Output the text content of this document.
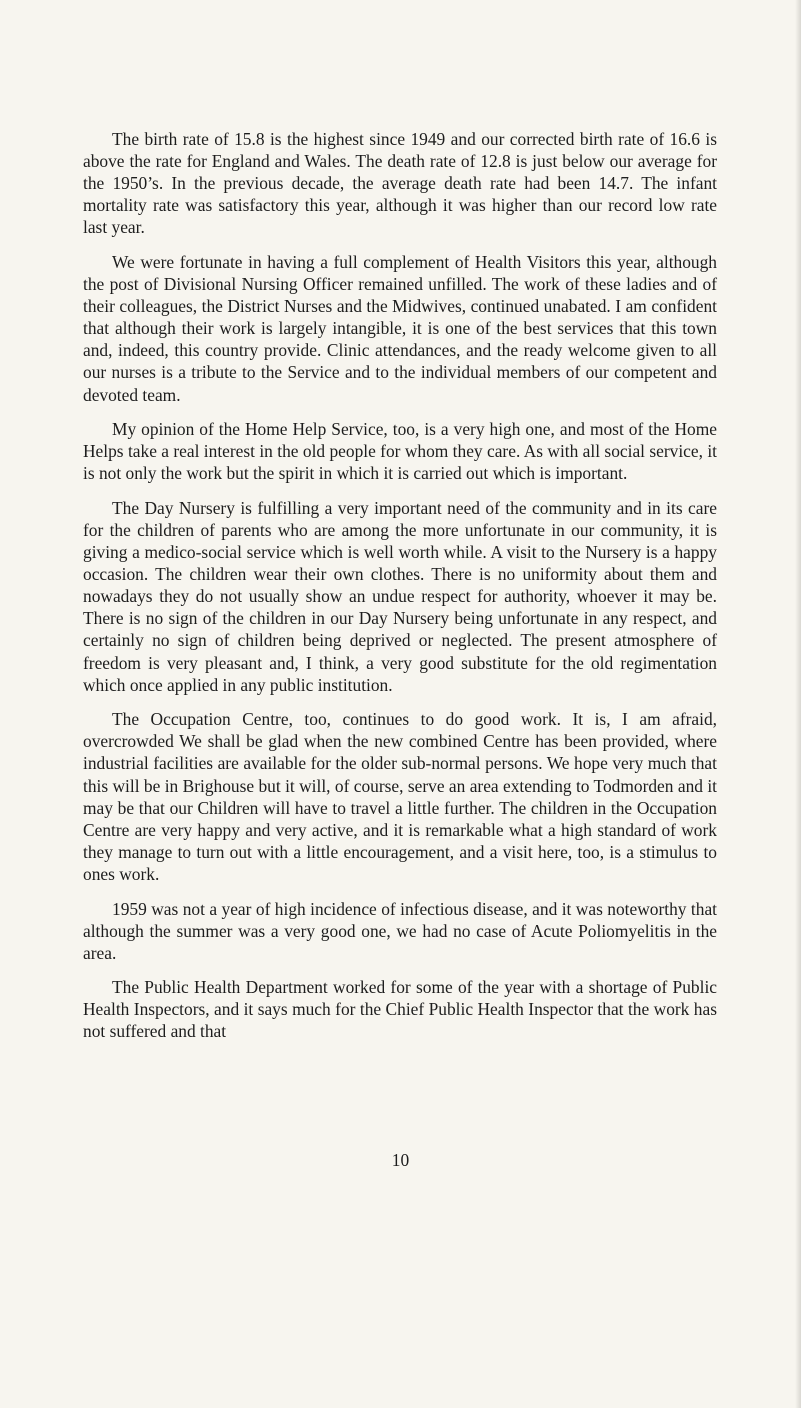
The birth rate of 15.8 is the highest since 1949 and our corrected birth rate of 16.6 is above the rate for England and Wales. The death rate of 12.8 is just below our average for the 1950’s. In the previous decade, the average death rate had been 14.7. The infant mortality rate was satisfactory this year, although it was higher than our record low rate last year.

We were fortunate in having a full complement of Health Visitors this year, although the post of Divisional Nursing Officer remained unfilled. The work of these ladies and of their colleagues, the District Nurses and the Midwives, continued unabated. I am confident that although their work is largely intangible, it is one of the best services that this town and, indeed, this country provide. Clinic attendances, and the ready welcome given to all our nurses is a tribute to the Service and to the individual members of our competent and devoted team.

My opinion of the Home Help Service, too, is a very high one, and most of the Home Helps take a real interest in the old people for whom they care. As with all social service, it is not only the work but the spirit in which it is carried out which is important.

The Day Nursery is fulfilling a very important need of the community and in its care for the children of parents who are among the more unfortunate in our community, it is giving a medico-social service which is well worth while. A visit to the Nursery is a happy occasion. The children wear their own clothes. There is no uniformity about them and nowadays they do not usually show an undue respect for authority, whoever it may be. There is no sign of the children in our Day Nursery being unfortunate in any respect, and certainly no sign of children being deprived or neglected. The present atmosphere of freedom is very pleasant and, I think, a very good substitute for the old regimentation which once applied in any public institution.

The Occupation Centre, too, continues to do good work. It is, I am afraid, overcrowded We shall be glad when the new combined Centre has been provided, where industrial facilities are available for the older sub-normal persons. We hope very much that this will be in Brighouse but it will, of course, serve an area extending to Todmorden and it may be that our Children will have to travel a little further. The children in the Occupation Centre are very happy and very active, and it is remarkable what a high standard of work they manage to turn out with a little encouragement, and a visit here, too, is a stimulus to ones work.

1959 was not a year of high incidence of infectious disease, and it was noteworthy that although the summer was a very good one, we had no case of Acute Poliomyelitis in the area.

The Public Health Department worked for some of the year with a shortage of Public Health Inspectors, and it says much for the Chief Public Health Inspector that the work has not suffered and that

10
